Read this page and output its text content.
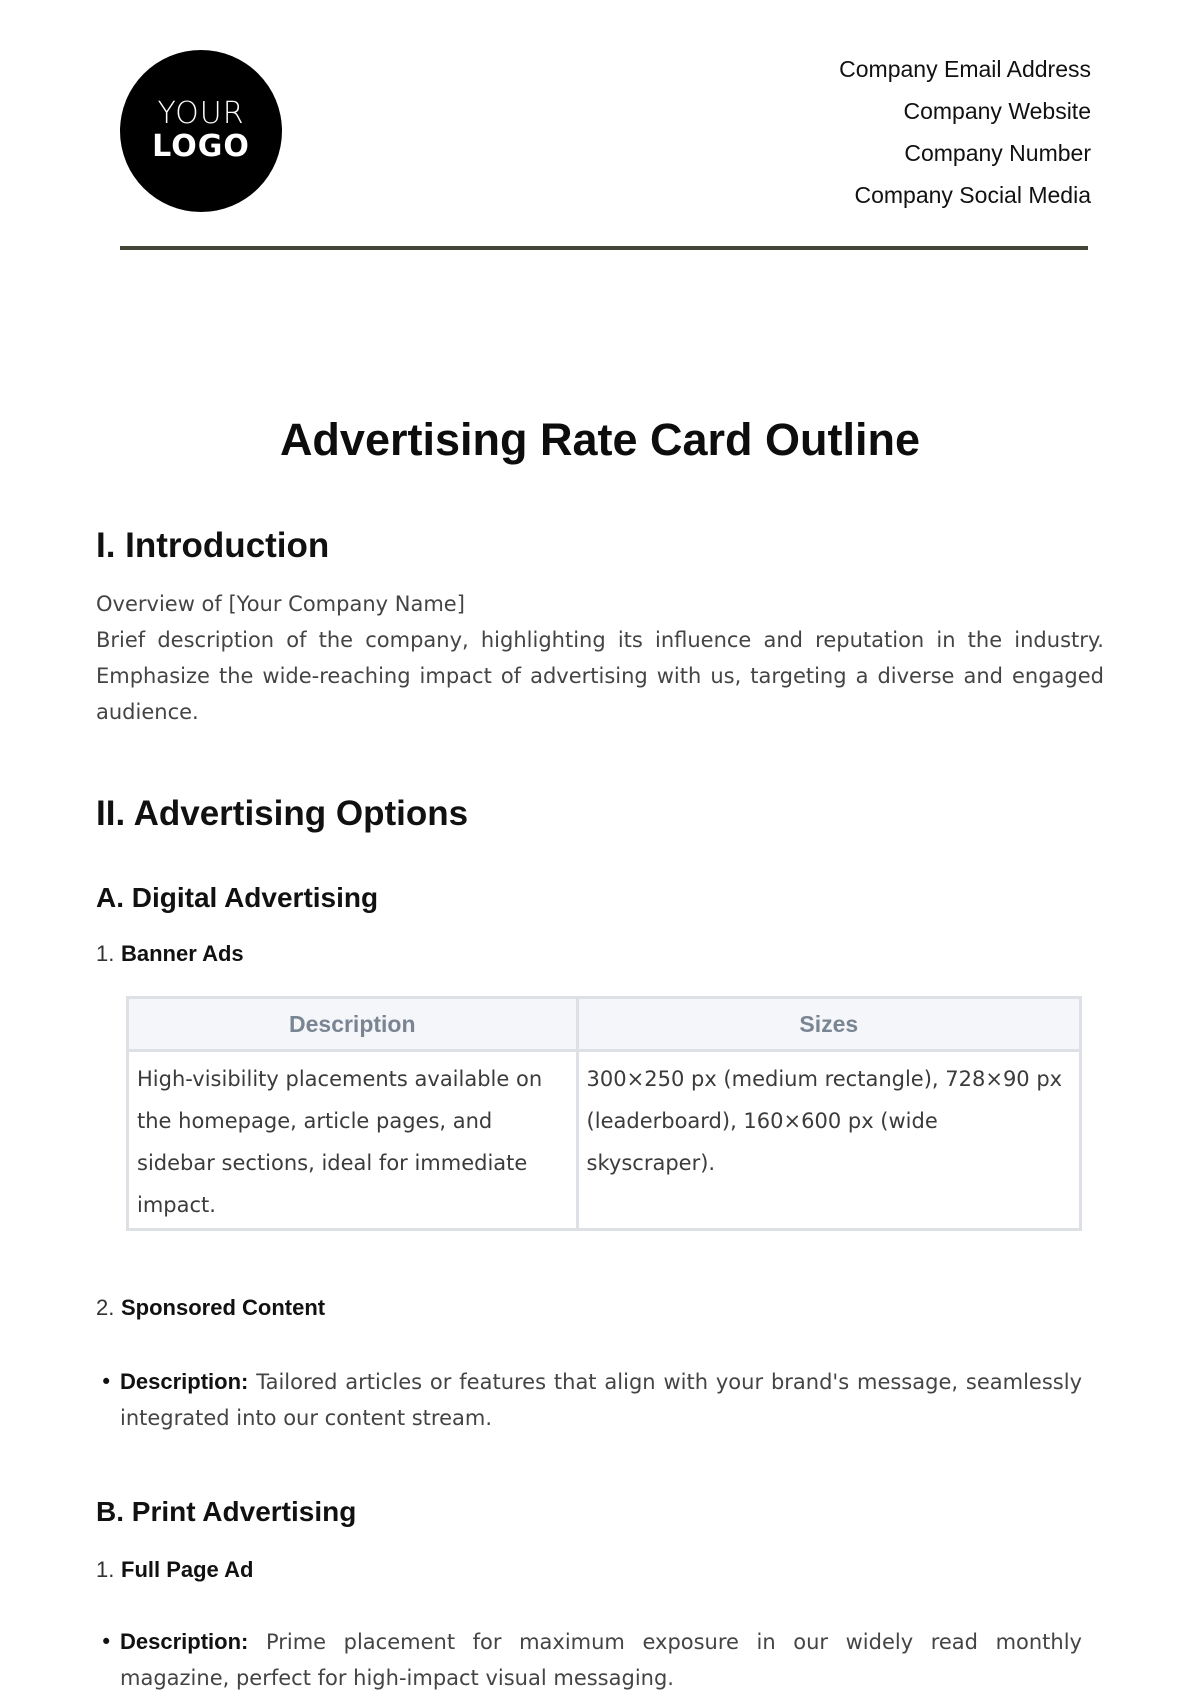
YOUR
LOGO
Company Email Address
Company Website
Company Number
Company Social Media
Advertising Rate Card Outline
I. Introduction
Overview of [Your Company Name]
Brief description of the company, highlighting its influence and reputation in the industry. Emphasize the wide-reaching impact of advertising with us, targeting a diverse and engaged audience.
II. Advertising Options
A. Digital Advertising
1. Banner Ads
Description	Sizes
High-visibility placements available on the homepage, article pages, and sidebar sections, ideal for immediate impact.	300×250 px (medium rectangle), 728×90 px (leaderboard), 160×600 px (wide skyscraper).
2. Sponsored Content
• Description: Tailored articles or features that align with your brand's message, seamlessly integrated into our content stream.
B. Print Advertising
1. Full Page Ad
• Description: Prime placement for maximum exposure in our widely read monthly magazine, perfect for high-impact visual messaging.
